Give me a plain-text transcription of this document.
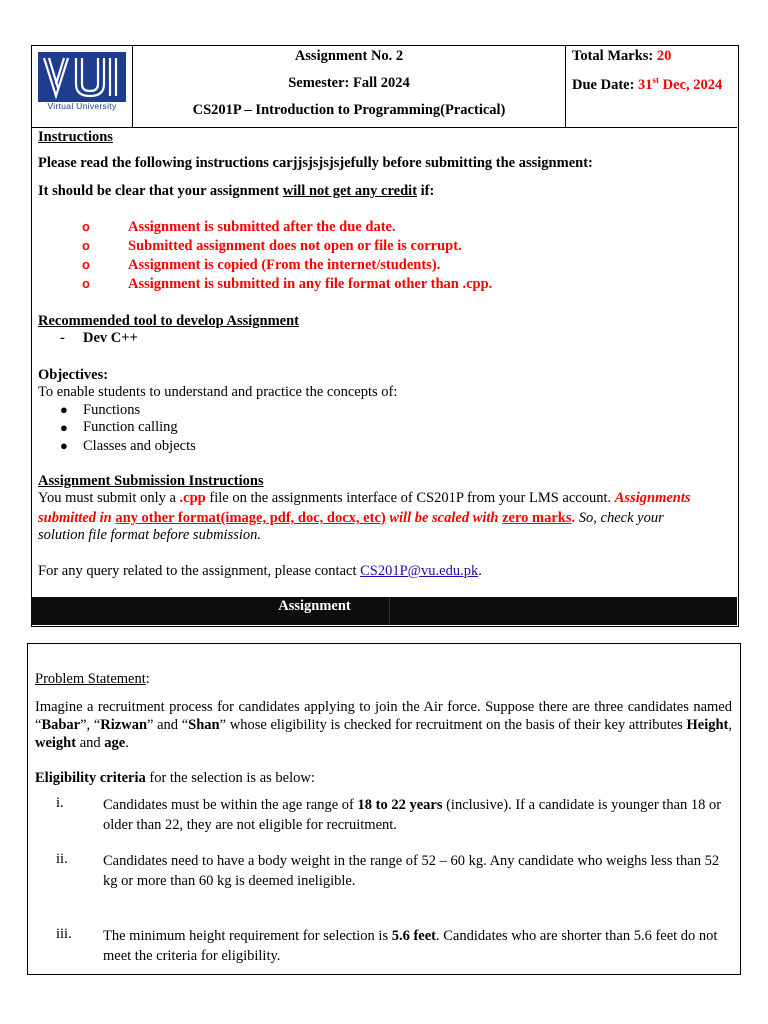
Virtual University
Assignment No. 2
Semester: Fall 2024
CS201P – Introduction to Programming(Practical)
Total Marks: 20
Due Date: 31st Dec, 2024
Instructions
Please read the following instructions carjjsjsjsjsjefully before submitting the assignment:
It should be clear that your assignment will not get any credit if:
o	Assignment is submitted after the due date.
o	Submitted assignment does not open or file is corrupt.
o	Assignment is copied (From the internet/students).
o	Assignment is submitted in any file format other than .cpp.
Recommended tool to develop Assignment
- Dev C++
Objectives:
To enable students to understand and practice the concepts of:
● Functions
● Function calling
● Classes and objects
Assignment Submission Instructions
You must submit only a .cpp file on the assignments interface of CS201P from your LMS account. Assignments
submitted in any other format(image, pdf, doc, docx, etc) will be scaled with zero marks. So, check your
solution file format before submission.
For any query related to the assignment, please contact CS201P@vu.edu.pk.
Assignment
Problem Statement:
Imagine a recruitment process for candidates applying to join the Air force. Suppose there are three candidates named “Babar”, “Rizwan” and “Shan” whose eligibility is checked for recruitment on the basis of their key attributes Height, weight and age.
Eligibility criteria for the selection is as below:
i.	Candidates must be within the age range of 18 to 22 years (inclusive). If a candidate is younger than 18 or older than 22, they are not eligible for recruitment.
ii. Candidates need to have a body weight in the range of 52 – 60 kg. Any candidate who weighs less than 52 kg or more than 60 kg is deemed ineligible.
iii. The minimum height requirement for selection is 5.6 feet. Candidates who are shorter than 5.6 feet do not meet the criteria for eligibility.
